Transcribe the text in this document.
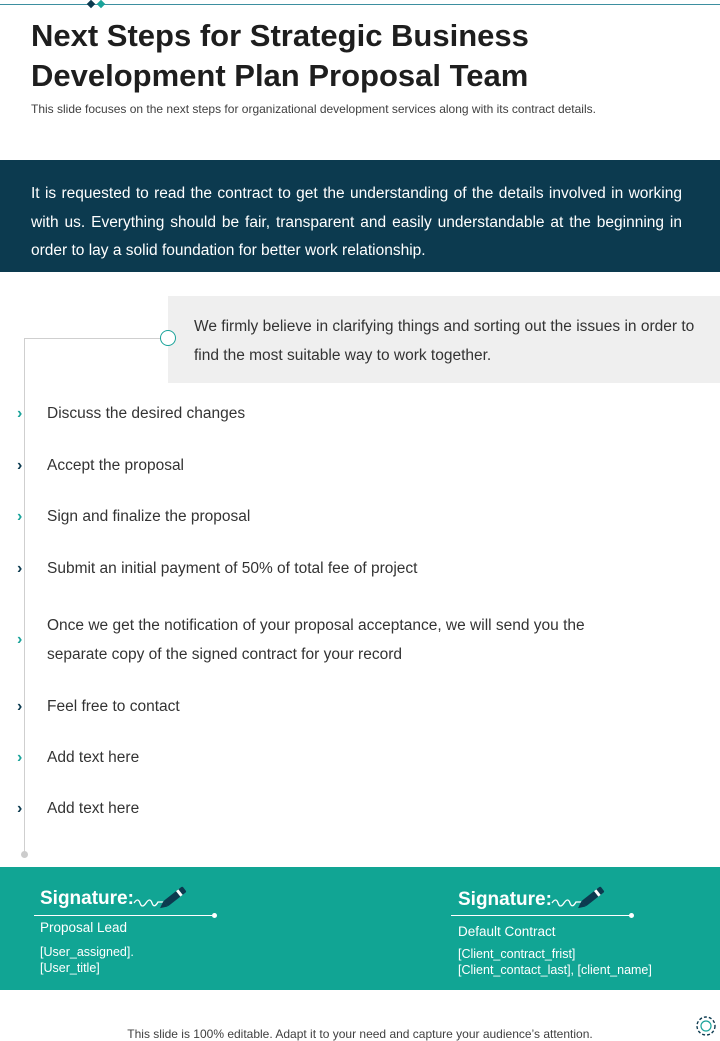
Next Steps for Strategic Business Development Plan Proposal Team
This slide focuses on the next steps for organizational development services along with its contract details.
It is requested to read the contract to get the understanding of the details involved in working with us. Everything should be fair, transparent and easily understandable at the beginning in order to lay a solid foundation for better work relationship.
We firmly believe in clarifying things and sorting out the issues in order to find the most suitable way to work together.
› Discuss the desired changes
› Accept the proposal
› Sign and finalize the proposal
› Submit an initial payment of 50% of total fee of project
›
Once we get the notification of your proposal acceptance, we will send you the separate copy of the signed contract for your record
› Feel free to contact
› Add text here
› Add text here
Signature:
Proposal Lead
[User_assigned].
[User_title]
Signature:
Default Contract
[Client_contract_frist]
[Client_contact_last], [client_name]
This slide is 100% editable. Adapt it to your need and capture your audience’s attention.
